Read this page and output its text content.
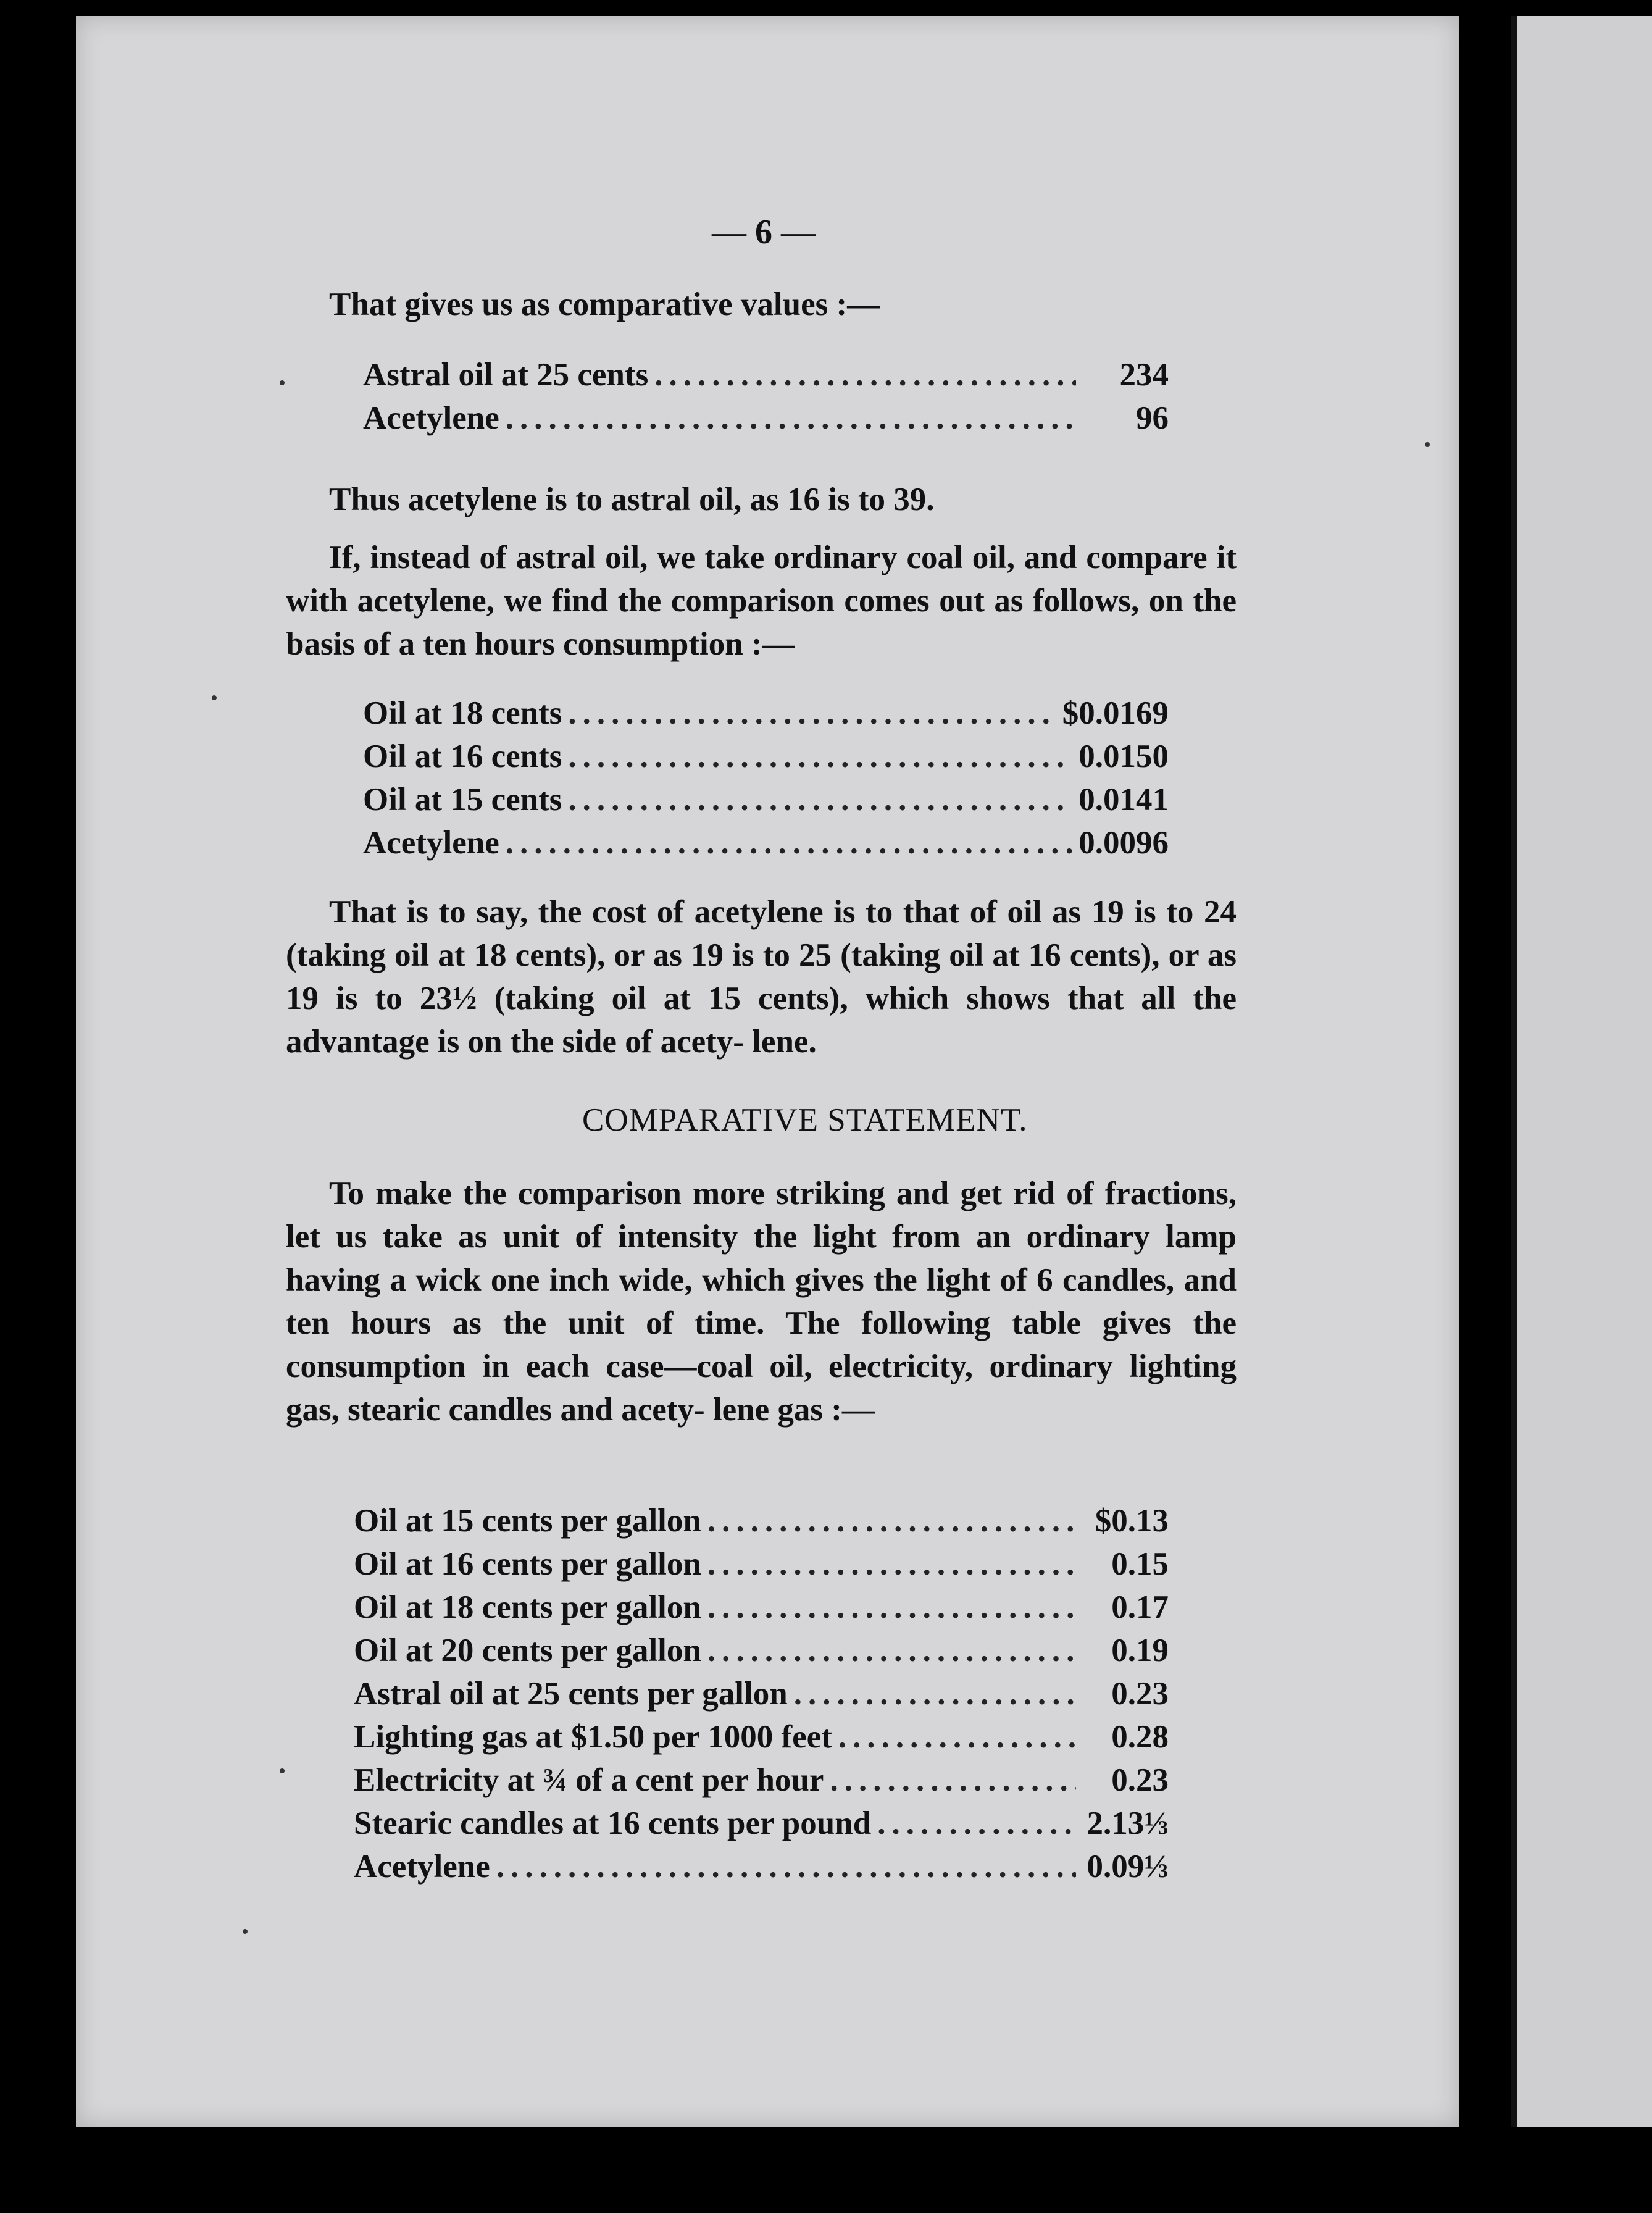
— 6 —
That gives us as comparative values :—
Astral oil at 25 cents .....	234
Acetylene .....	96
Thus acetylene is to astral oil, as 16 is to 39.
If, instead of astral oil, we take ordinary coal oil, and compare it with acetylene, we find the comparison comes out as follows, on the basis of a ten hours consumption :—
Oil at 18 cents .....	$0.0169
Oil at 16 cents .....	0.0150
Oil at 15 cents .....	0.0141
Acetylene .....	0.0096
That is to say, the cost of acetylene is to that of oil as 19 is to 24 (taking oil at 18 cents), or as 19 is to 25 (taking oil at 16 cents), or as 19 is to 23½ (taking oil at 15 cents), which shows that all the advantage is on the side of acety- lene.
To make the comparison more striking and get rid of fractions, let us take as unit of intensity the light from an ordinary lamp having a wick one inch wide, which gives the light of 6 candles, and ten hours as the unit of time. The following table gives the consumption in each case—coal oil, electricity, ordinary lighting gas, stearic candles and acety- lene gas :—
Oil at 15 cents per gallon .....	$0.13
Oil at 16 cents per gallon .....	0.15
Oil at 18 cents per gallon .....	0.17
Oil at 20 cents per gallon .....	0.19
Astral oil at 25 cents per gallon .....	0.23
Lighting gas at $1.50 per 1000 feet .....	0.28
Electricity at ¾ of a cent per hour .....	0.23
Stearic candles at 16 cents per pound .....	2.13⅓
Acetylene .....	0.09⅓
COMPARATIVE STATEMENT.
